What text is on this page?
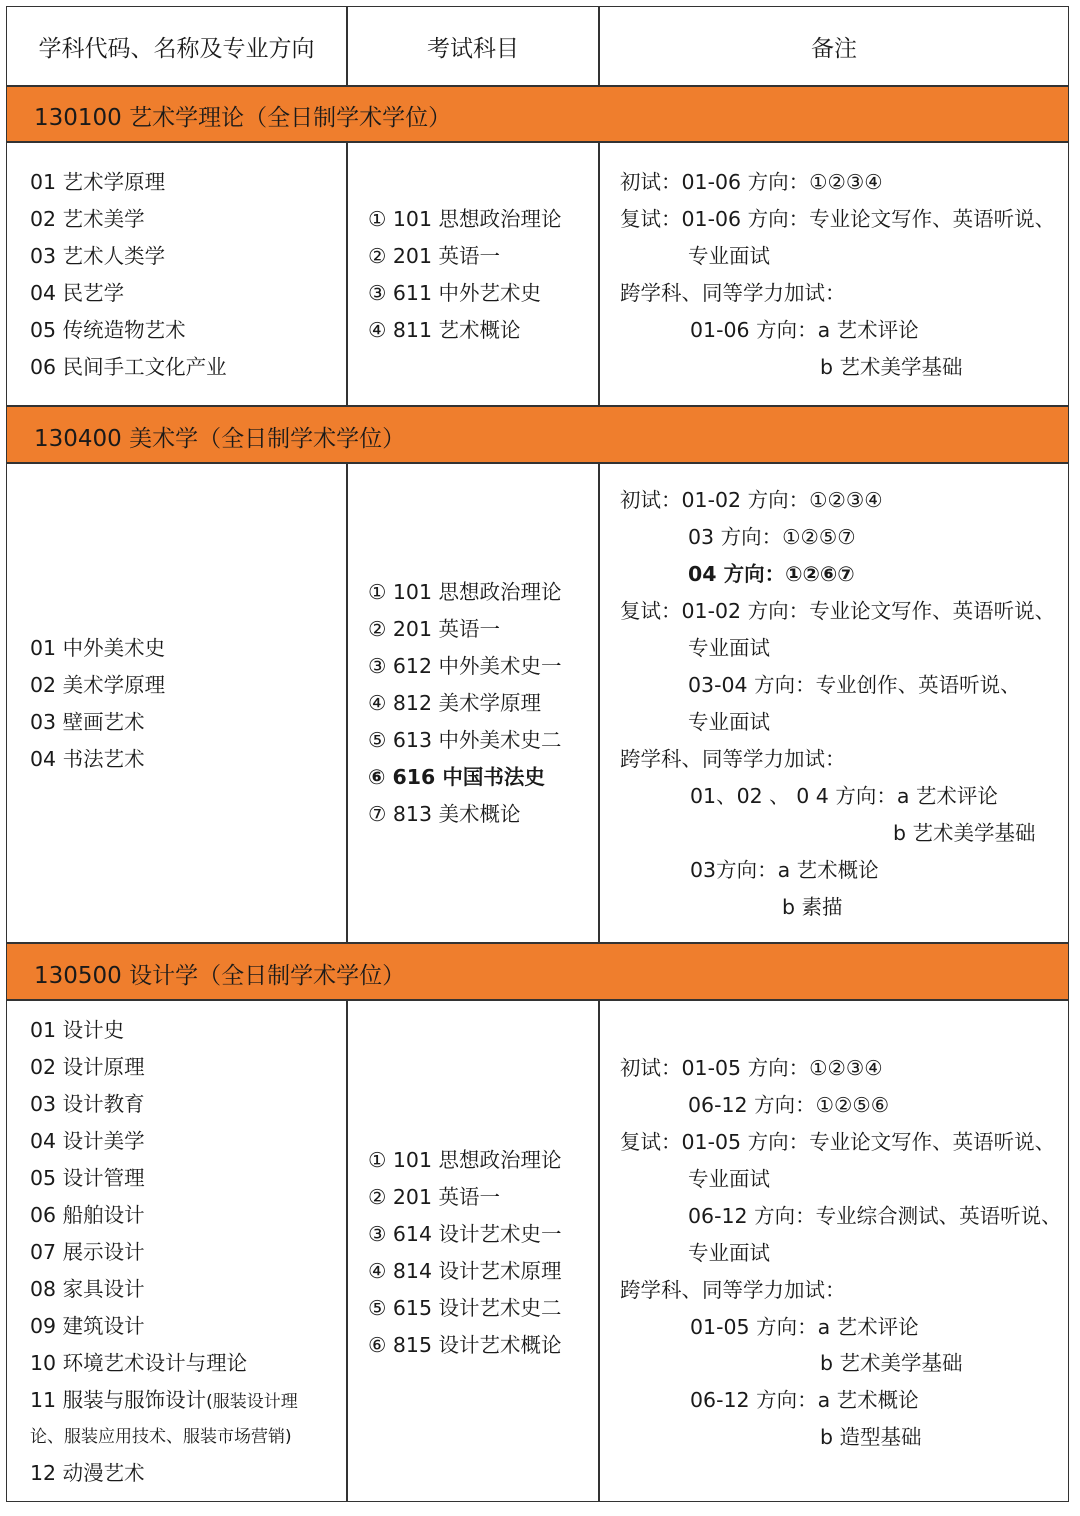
学科代码、名称及专业方向	考试科目	备注
130100 艺术学理论（全日制学术学位）
130400 美术学（全日制学术学位）
130500 设计学（全日制学术学位）
01 艺术学原理
02 艺术美学
03 艺术人类学
04 民艺学
05 传统造物艺术
06 民间手工文化产业
① 101 思想政治理论
② 201 英语一
③ 611 中外艺术史
④ 811 艺术概论
初试：01-06 方向：①②③④
复试：01-06 方向：专业论文写作、英语听说、
专业面试
跨学科、同等学力加试：
01-06 方向：a 艺术评论
b 艺术美学基础
01 中外美术史
02 美术学原理
03 壁画艺术
04 书法艺术
① 101 思想政治理论
② 201 英语一
③ 612 中外美术史一
④ 812 美术学原理
⑤ 613 中外美术史二
⑥ 616 中国书法史
⑦ 813 美术概论
初试：01-02 方向：①②③④
03 方向：①②⑤⑦
04 方向：①②⑥⑦
复试：01-02 方向：专业论文写作、英语听说、
专业面试
03-04 方向：专业创作、英语听说、
专业面试
跨学科、同等学力加试：
01、02 、 0 4 方向：a 艺术评论
b 艺术美学基础
03方向：a 艺术概论
b 素描
01 设计史
02 设计原理
03 设计教育
04 设计美学
05 设计管理
06 船舶设计
07 展示设计
08 家具设计
09 建筑设计
10 环境艺术设计与理论
11 服装与服饰设计(服装设计理
论、服装应用技术、服装市场营销)
12 动漫艺术
① 101 思想政治理论
② 201 英语一
③ 614 设计艺术史一
④ 814 设计艺术原理
⑤ 615 设计艺术史二
⑥ 815 设计艺术概论
初试：01-05 方向：①②③④
06-12 方向：①②⑤⑥
复试：01-05 方向：专业论文写作、英语听说、
专业面试
06-12 方向：专业综合测试、英语听说、
专业面试
跨学科、同等学力加试：
01-05 方向：a 艺术评论
b 艺术美学基础
06-12 方向：a 艺术概论
b 造型基础
